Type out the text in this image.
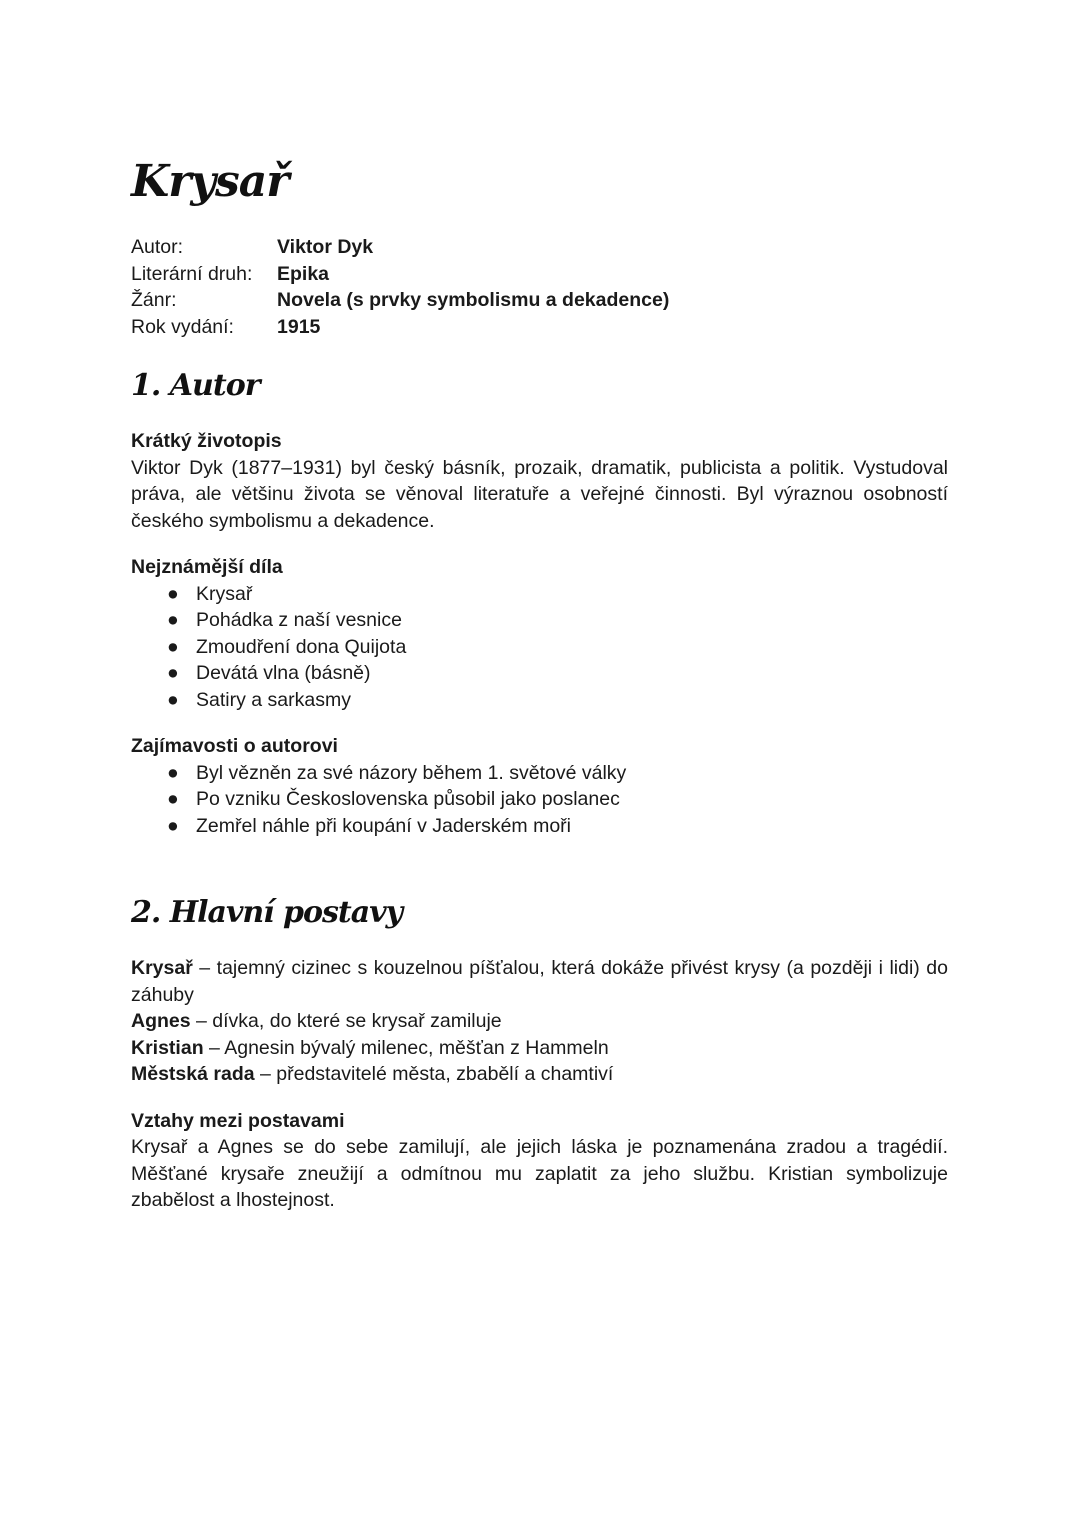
Krysař
Autor:	Viktor Dyk
Literární druh:	Epika
Žánr:	Novela (s prvky symbolismu a dekadence)
Rok vydání:	1915
1. Autor

Krátký životopis

Viktor Dyk (1877–1931) byl český básník, prozaik, dramatik, publicista a politik. Vystudoval práva, ale většinu života se věnoval literatuře a veřejné činnosti. Byl výraznou osobností českého symbolismu a dekadence.

Nejznámější díla

● Krysař
● Pohádka z naší vesnice
● Zmoudření dona Quijota
● Devátá vlna (básně)
● Satiry a sarkasmy

Zajímavosti o autorovi

● Byl vězněn za své názory během 1. světové války
● Po vzniku Československa působil jako poslanec
● Zemřel náhle při koupání v Jaderském moři
2. Hlavní postavy

Krysař – tajemný cizinec s kouzelnou píšťalou, která dokáže přivést krysy (a později i lidi) do záhuby

Agnes – dívka, do které se krysař zamiluje

Kristian – Agnesin bývalý milenec, měšťan z Hammeln

Městská rada – představitelé města, zbabělí a chamtiví

Vztahy mezi postavami

Krysař a Agnes se do sebe zamilují, ale jejich láska je poznamenána zradou a tragédií. Měšťané krysaře zneužijí a odmítnou mu zaplatit za jeho službu. Kristian symbolizuje zbabělost a lhostejnost.
